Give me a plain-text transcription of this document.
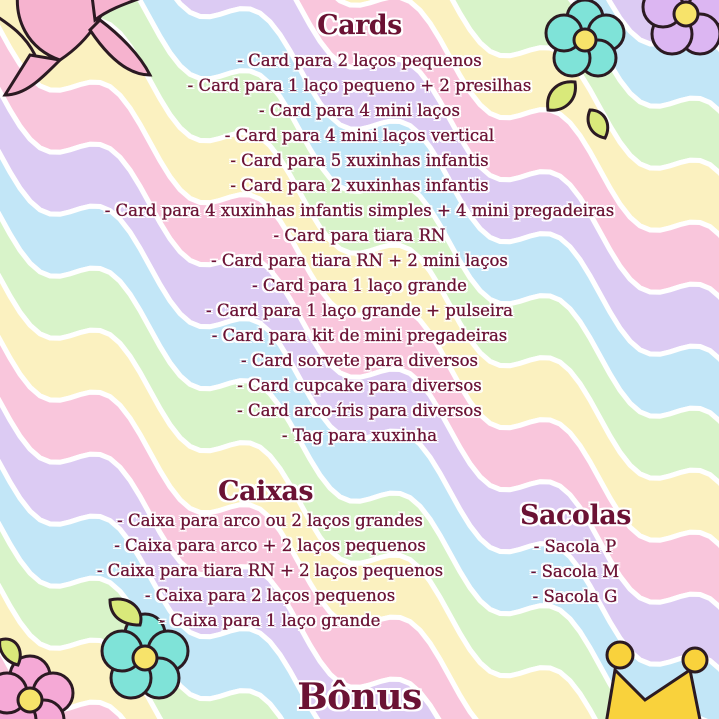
Cards
- Card para 2 laços pequenos
- Card para 1 laço pequeno + 2 presilhas
- Card para 4 mini laços
- Card para 4 mini laços vertical
- Card para 5 xuxinhas infantis
- Card para 2 xuxinhas infantis
- Card para 4 xuxinhas infantis simples + 4 mini pregadeiras
- Card para tiara RN
- Card para tiara RN + 2 mini laços
- Card para 1 laço grande
- Card para 1 laço grande + pulseira
- Card para kit de mini pregadeiras
- Card sorvete para diversos
- Card cupcake para diversos
- Card arco-íris para diversos
- Tag para xuxinha
Caixas
- Caixa para arco ou 2 laços grandes
- Caixa para arco + 2 laços pequenos
- Caixa para tiara RN + 2 laços pequenos
- Caixa para 2 laços pequenos
- Caixa para 1 laço grande
Sacolas
- Sacola P
- Sacola M
- Sacola G
Bônus
